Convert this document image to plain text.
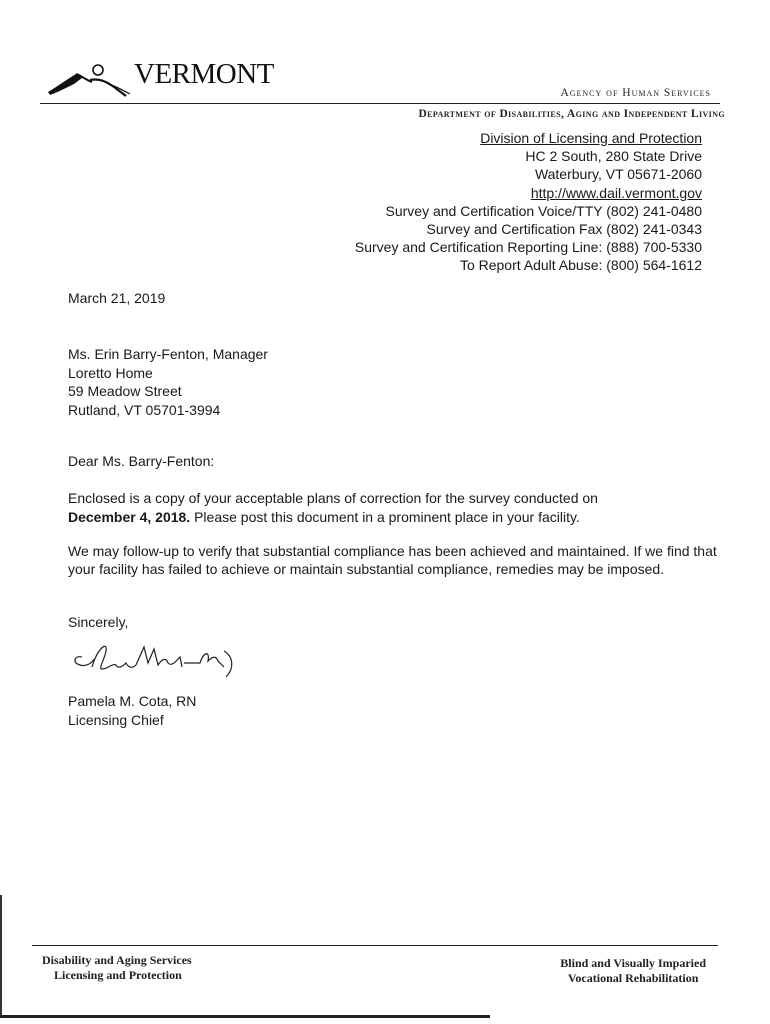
VERMONT
Agency of Human Services
Department of Disabilities, Aging and Independent Living
Division of Licensing and Protection
HC 2 South, 280 State Drive
Waterbury, VT 05671-2060
http://www.dail.vermont.gov
Survey and Certification Voice/TTY (802) 241-0480
Survey and Certification Fax (802) 241-0343
Survey and Certification Reporting Line: (888) 700-5330
To Report Adult Abuse: (800) 564-1612
March 21, 2019
Ms. Erin Barry-Fenton, Manager
Loretto Home
59 Meadow Street
Rutland, VT 05701-3994
Dear Ms. Barry-Fenton:
Enclosed is a copy of your acceptable plans of correction for the survey conducted on
December 4, 2018. Please post this document in a prominent place in your facility.
We may follow-up to verify that substantial compliance has been achieved and maintained. If we find that your facility has failed to achieve or maintain substantial compliance, remedies may be imposed.
Sincerely,
Pamela M. Cota, RN
Licensing Chief
Disability and Aging Services
Licensing and Protection
Blind and Visually Imparied
Vocational Rehabilitation
